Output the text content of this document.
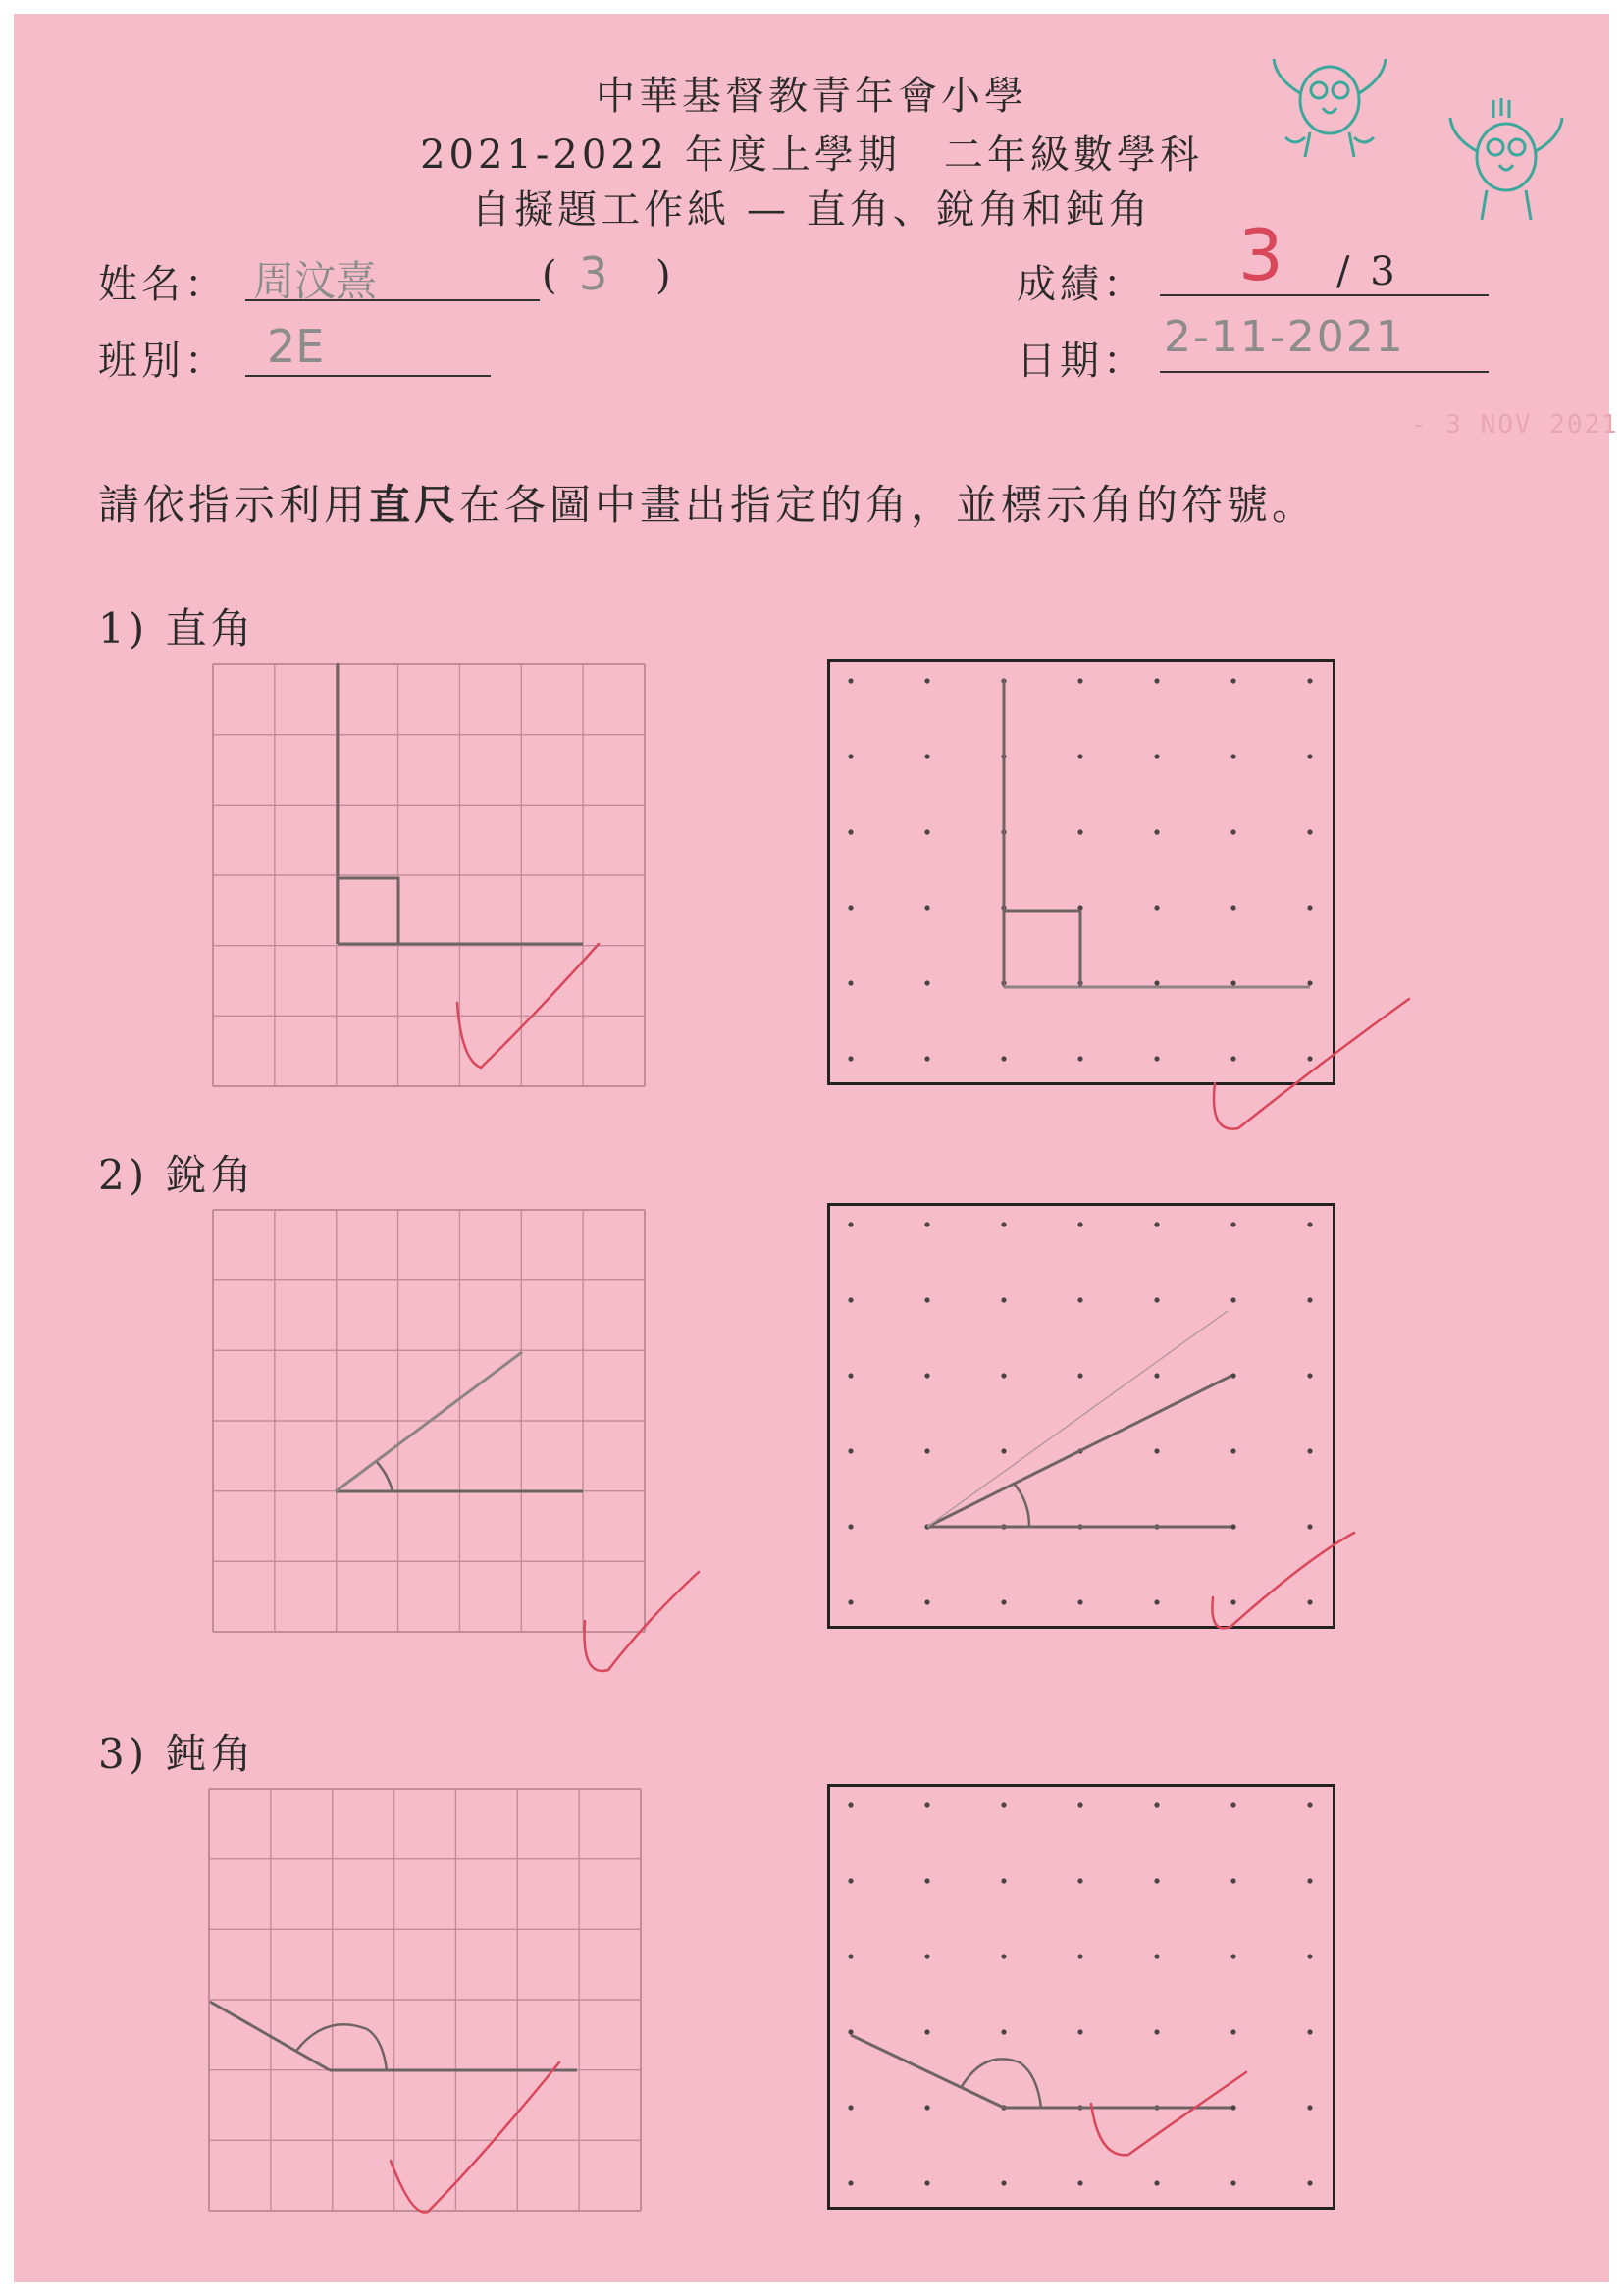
中華基督教青年會小學
2021-2022 年度上學期　二年級數學科
自擬題工作紙 — 直角、銳角和鈍角
姓名： 周汶熹	( 3 )
班別： 2E
成績： 3 / 3
日期： 2-11-2021
- 3 NOV 2021
請依指示利用直尺在各圖中畫出指定的角，並標示角的符號。
1) 直角
2) 銳角
3) 鈍角
